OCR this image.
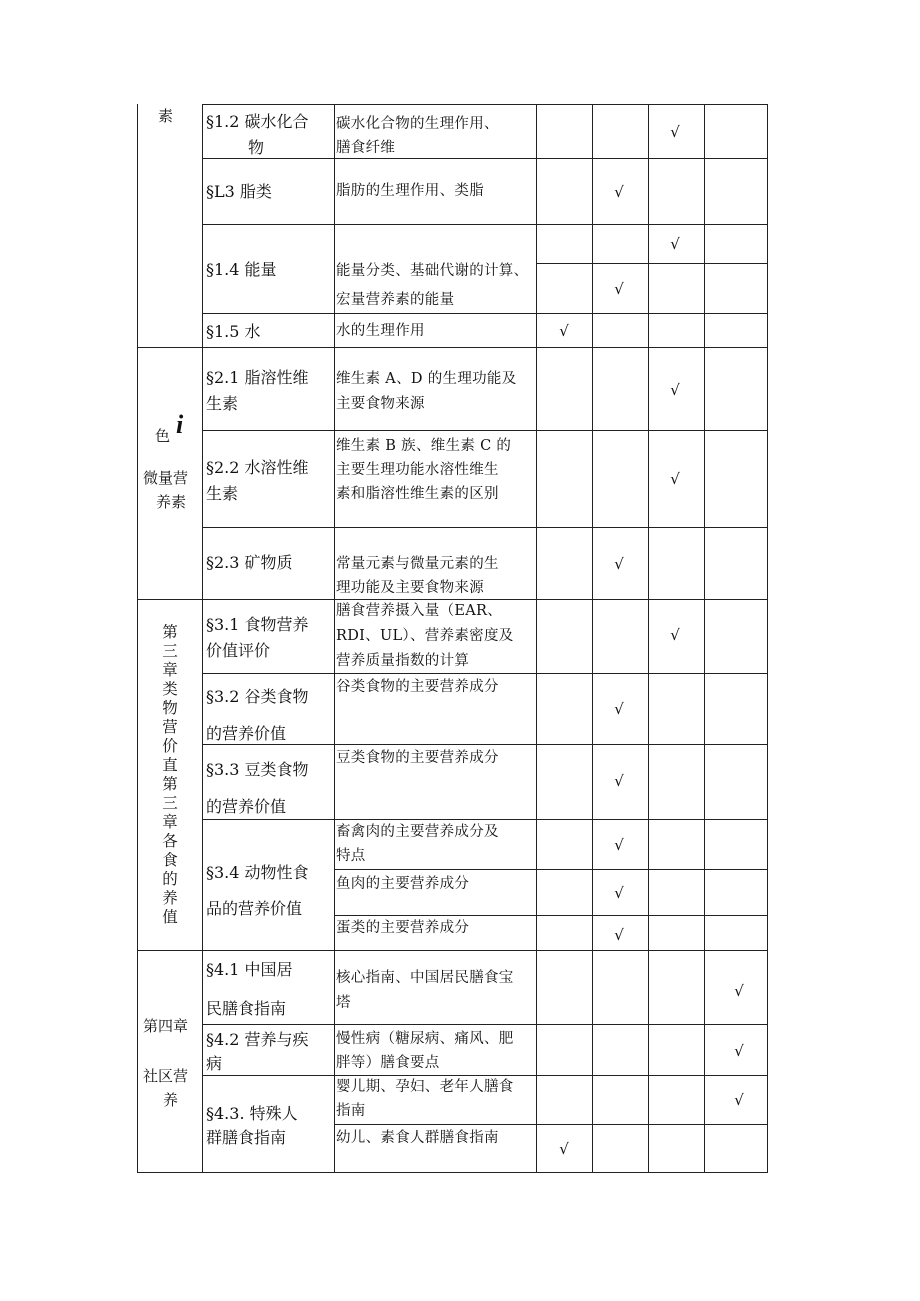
素
色 i
微量营
养素
第三章类物营价直第三章各食的养值
第四章
社区营
养
§1.2 碳水化合
物
§L3 脂类
§1.4 能量
§1.5 水
§2.1 脂溶性维
生素
§2.2 水溶性维
生素
§2.3 矿物质
§3.1 食物营养
价值评价
§3.2 谷类食物
的营养价值
§3.3 豆类食物
的营养价值
§3.4 动物性食
品的营养价值
§4.1 中国居
民膳食指南
§4.2 营养与疾
病
§4.3. 特殊人
群膳食指南
碳水化合物的生理作用、
膳食纤维
脂肪的生理作用、类脂
能量分类、基础代谢的计算、
宏量营养素的能量
水的生理作用
维生素 A、D 的生理功能及
主要食物来源
维生素 B 族、维生素 C 的
主要生理功能水溶性维生
素和脂溶性维生素的区别
常量元素与微量元素的生
理功能及主要食物来源
膳食营养摄入量（EAR、
RDI、UL）、营养素密度及
营养质量指数的计算
谷类食物的主要营养成分
豆类食物的主要营养成分
畜禽肉的主要营养成分及
特点
鱼肉的主要营养成分
蛋类的主要营养成分
核心指南、中国居民膳食宝
塔
慢性病（糖尿病、痛风、肥
胖等）膳食要点
婴儿期、孕妇、老年人膳食
指南
幼儿、素食人群膳食指南
√
√
√
√
√
√
√
√
√
√
√
√
√
√
√
√
√
√
